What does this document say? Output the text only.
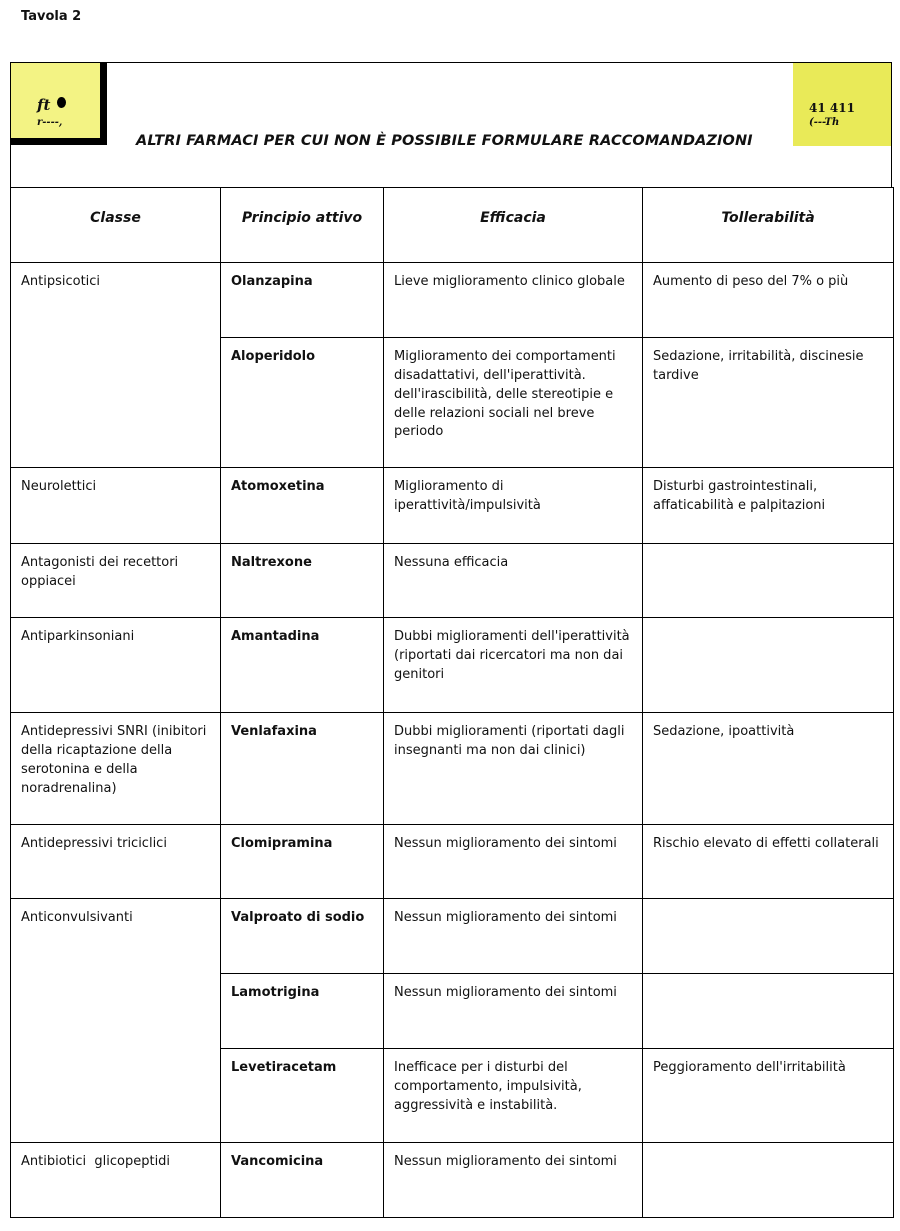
Tavola 2
ft
r----,
41 411
(---Th
ALTRI FARMACI PER CUI NON È POSSIBILE FORMULARE RACCOMANDAZIONI
Classe	Principio attivo	Efficacia	Tollerabilità
Antipsicotici	Olanzapina	Lieve miglioramento clinico globale	Aumento di peso del 7% o più
	Aloperidolo	Miglioramento dei comportamenti disadattativi, dell'iperattività. dell'irascibilità, delle stereotipie e delle relazioni sociali nel breve periodo	Sedazione, irritabilità, discinesie tardive
Neurolettici	Atomoxetina	Miglioramento di iperattività/impulsività	Disturbi gastrointestinali, affaticabilità e palpitazioni
Antagonisti dei recettori oppiacei	Naltrexone	Nessuna efficacia	
Antiparkinsoniani	Amantadina	Dubbi miglioramenti dell'iperattività (riportati dai ricercatori ma non dai genitori	
Antidepressivi SNRI (inibitori della ricaptazione della serotonina e della noradrenalina)	Venlafaxina	Dubbi miglioramenti (riportati dagli insegnanti ma non dai clinici)	Sedazione, ipoattività
Antidepressivi triciclici	Clomipramina	Nessun miglioramento dei sintomi	Rischio elevato di effetti collaterali
Anticonvulsivanti	Valproato di sodio	Nessun miglioramento dei sintomi	
	Lamotrigina	Nessun miglioramento dei sintomi	
	Levetiracetam	Inefficace per i disturbi del comportamento, impulsività, aggressività e instabilità.	Peggioramento dell'irritabilità
Antibiotici  glicopeptidi	Vancomicina	Nessun miglioramento dei sintomi	
